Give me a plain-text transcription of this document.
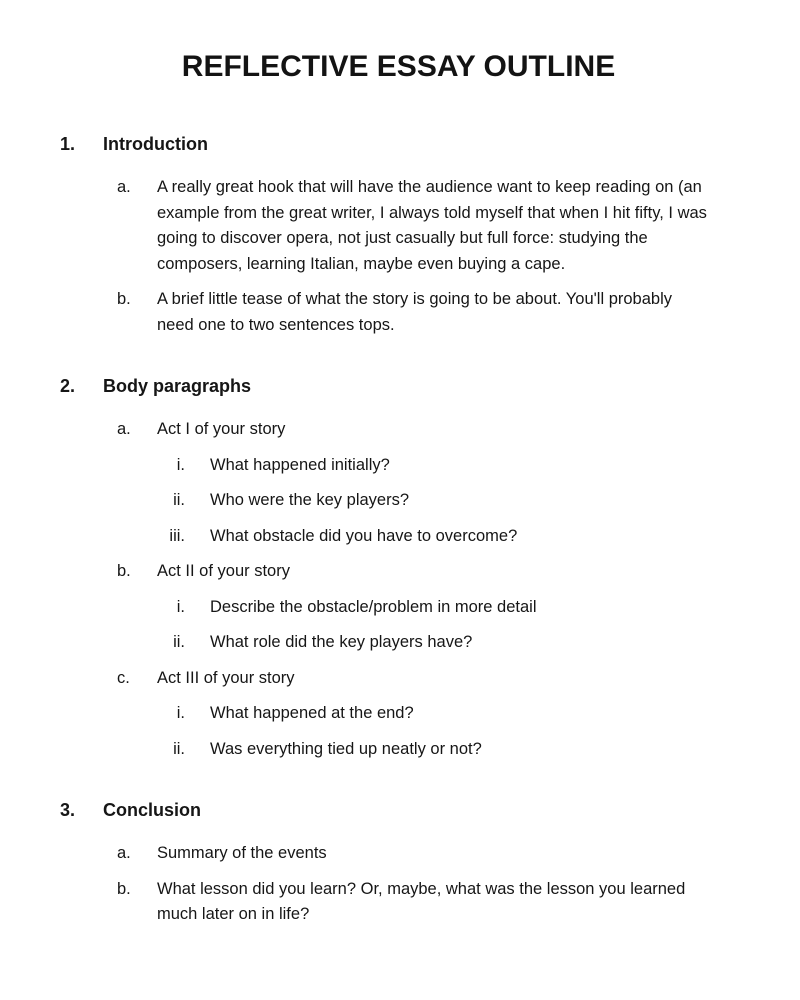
REFLECTIVE ESSAY OUTLINE
1.	Introduction
a.	A really great hook that will have the audience want to keep reading on (an example from the great writer, I always told myself that when I hit fifty, I was going to discover opera, not just casually but full force: studying the composers, learning Italian, maybe even buying a cape.

b.	A brief little tease of what the story is going to be about. You'll probably need one to two sentences tops.

2.	Body paragraphs
a.	Act I of your story

i. What happened initially?

ii. Who were the key players?

iii. What obstacle did you have to overcome?

b.	Act II of your story

i. Describe the obstacle/problem in more detail

ii. What role did the key players have?

c.	Act III of your story

i. What happened at the end?

ii. Was everything tied up neatly or not?

3.	Conclusion
a.	Summary of the events

b.	What lesson did you learn? Or, maybe, what was the lesson you learned much later on in life?
